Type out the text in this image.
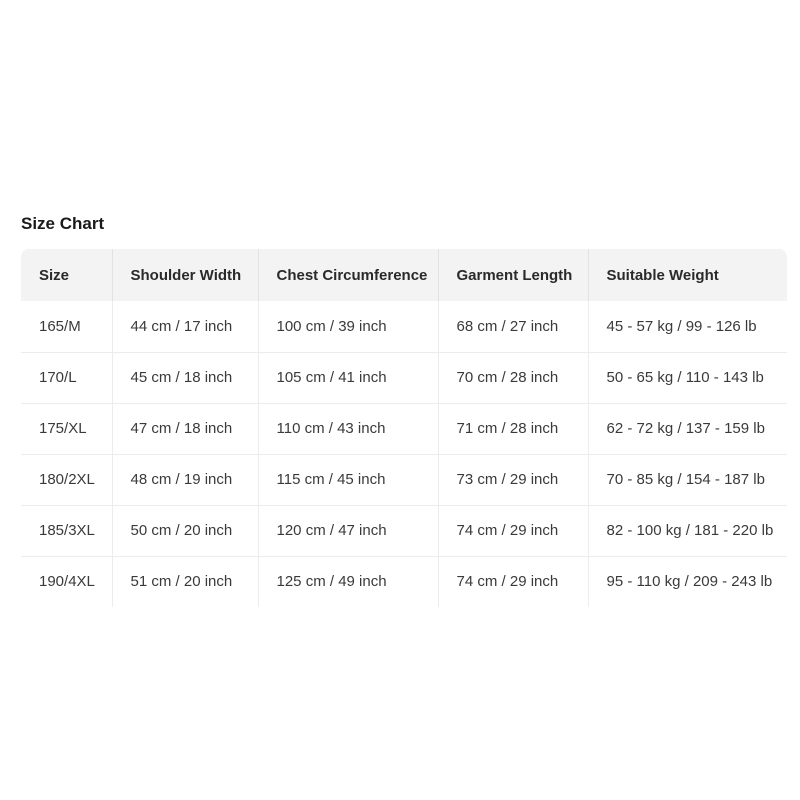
Size Chart
Size	Shoulder Width	Chest Circumference	Garment Length	Suitable Weight
165/M	44 cm / 17 inch	100 cm / 39 inch	68 cm / 27 inch	45 - 57 kg / 99 - 126 lb
170/L	45 cm / 18 inch	105 cm / 41 inch	70 cm / 28 inch	50 - 65 kg / 110 - 143 lb
175/XL	47 cm / 18 inch	110 cm / 43 inch	71 cm / 28 inch	62 - 72 kg / 137 - 159 lb
180/2XL	48 cm / 19 inch	115 cm / 45 inch	73 cm / 29 inch	70 - 85 kg / 154 - 187 lb
185/3XL	50 cm / 20 inch	120 cm / 47 inch	74 cm / 29 inch	82 - 100 kg / 181 - 220 lb
190/4XL	51 cm / 20 inch	125 cm / 49 inch	74 cm / 29 inch	95 - 110 kg / 209 - 243 lb
